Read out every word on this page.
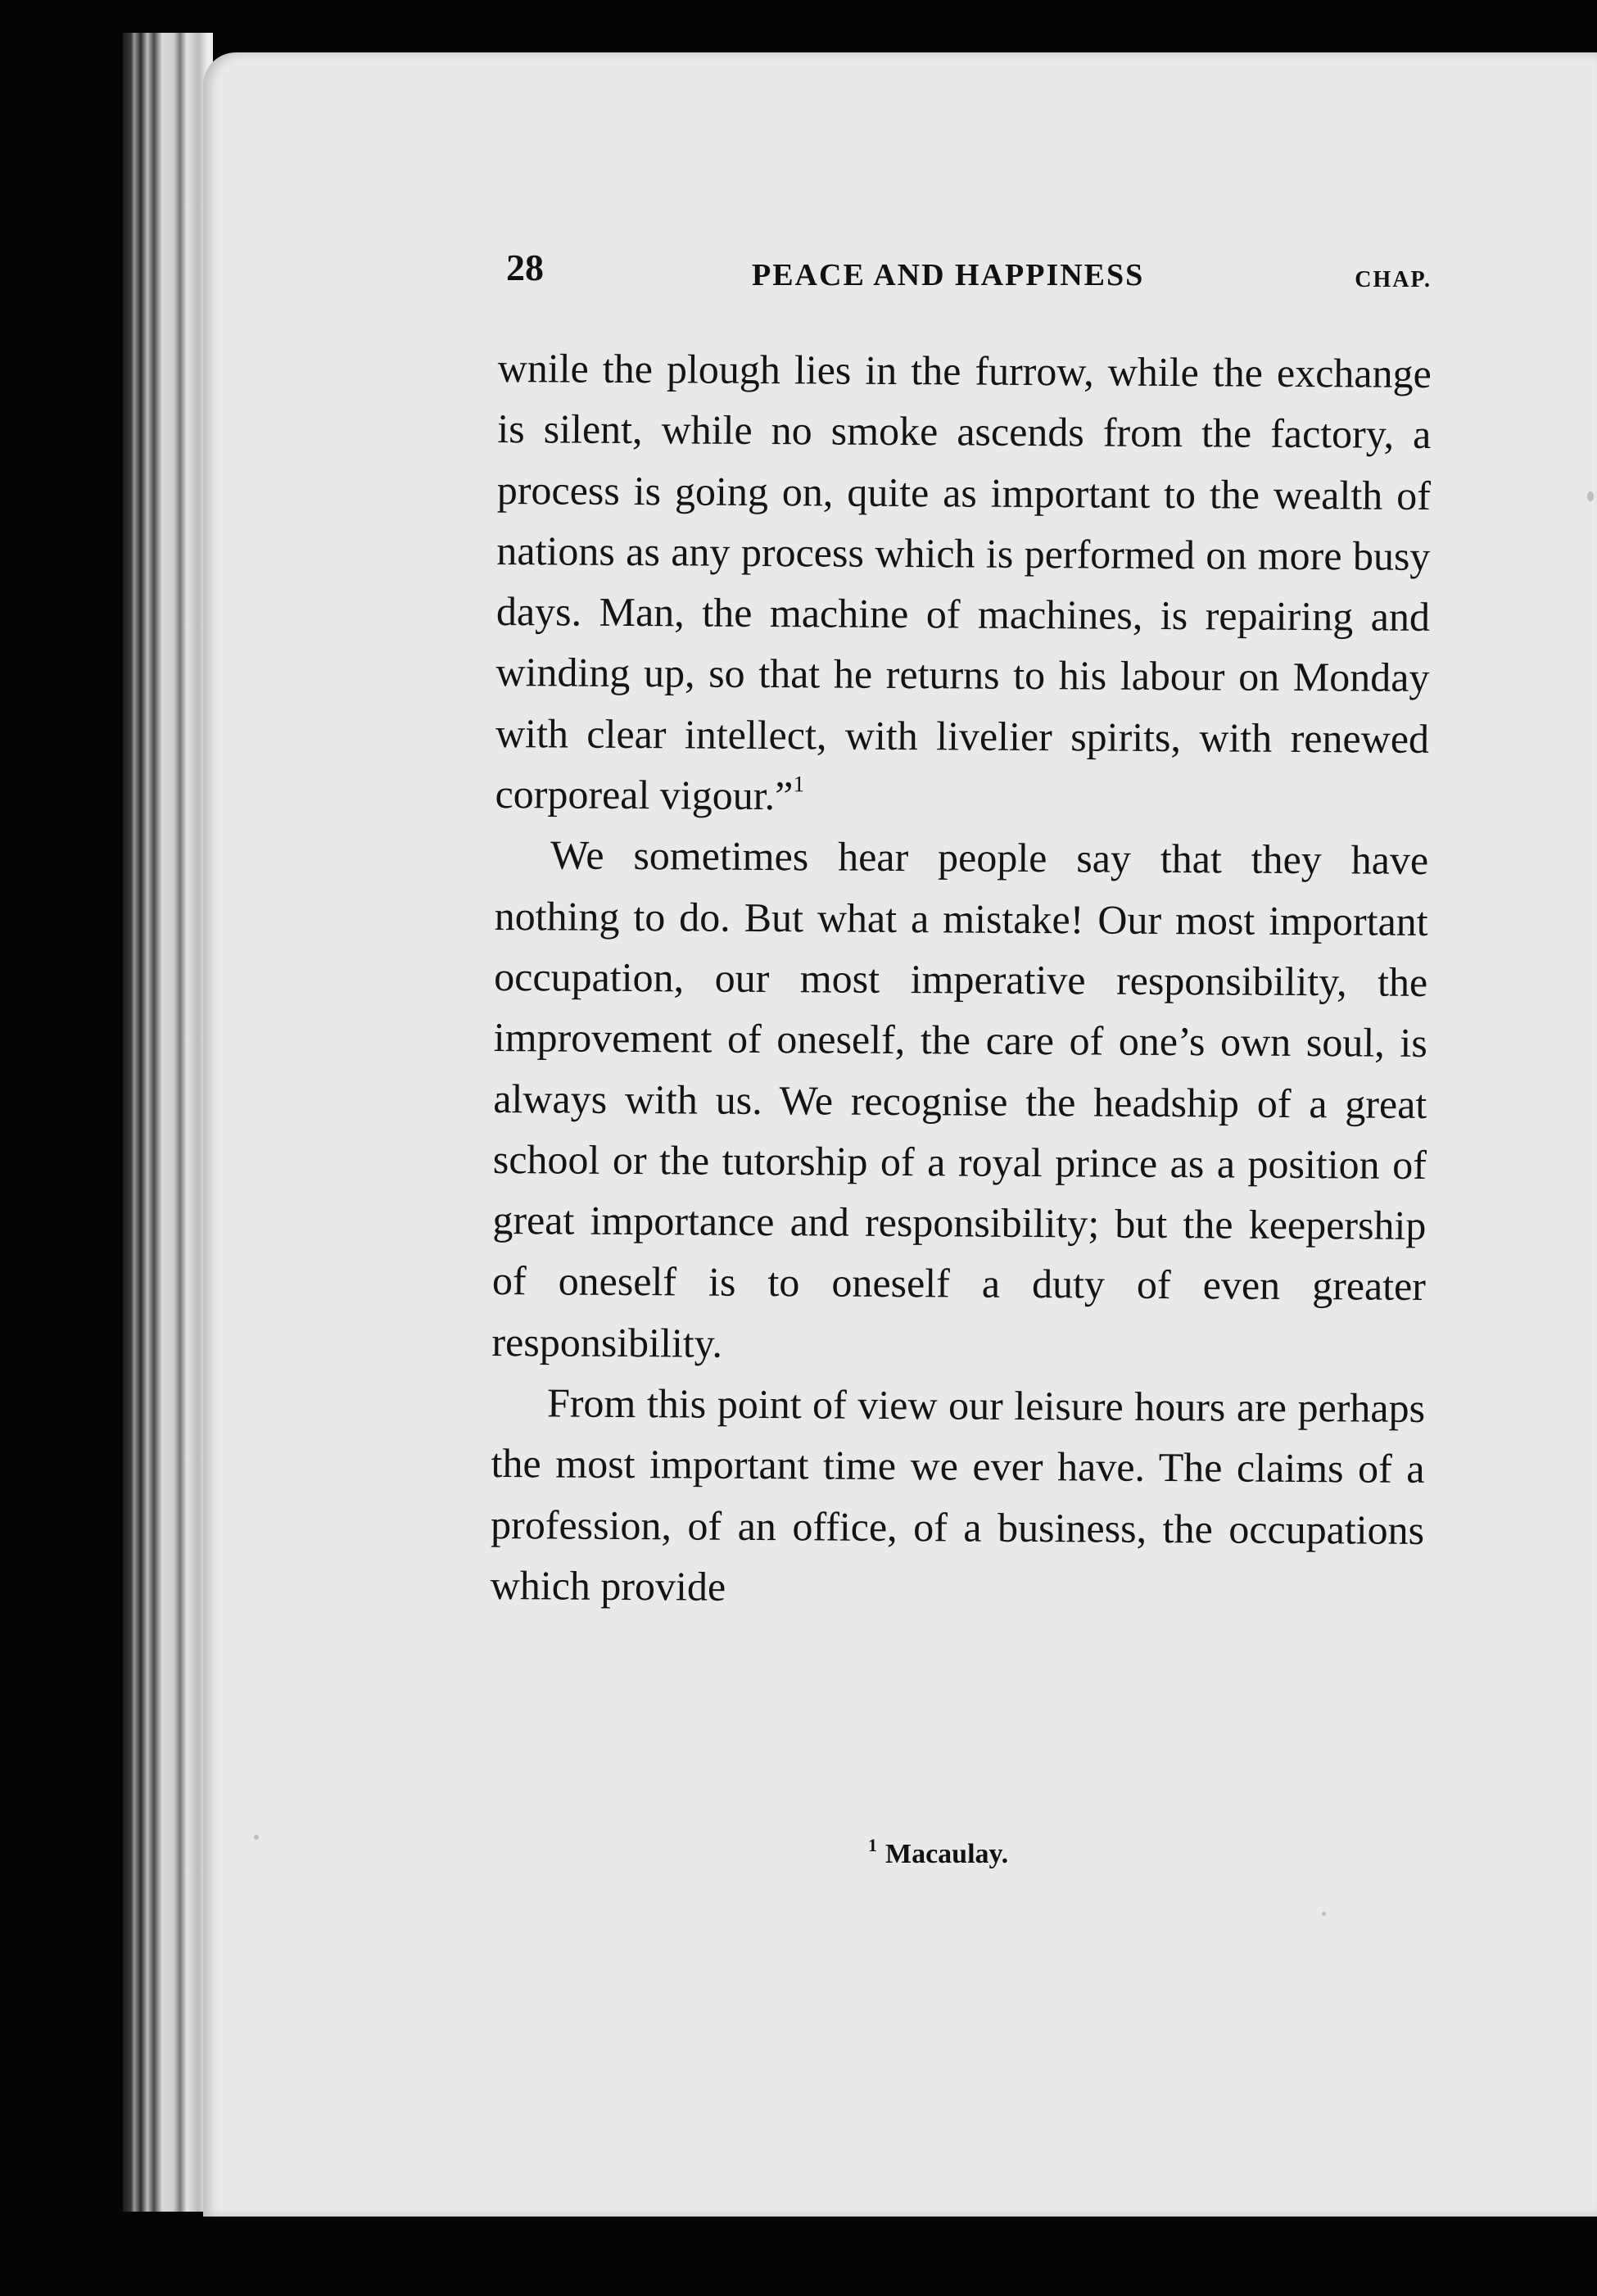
28	PEACE AND HAPPINESS	CHAP.

wnile the plough lies in the furrow, while the exchange is silent, while no smoke ascends from the factory, a process is going on, quite as important to the wealth of nations as any process which is performed on more busy days. Man, the machine of machines, is repairing and winding up, so that he returns to his labour on Monday with clear intellect, with livelier spirits, with renewed corporeal vigour.”$^1$

We sometimes hear people say that they have nothing to do. But what a mistake! Our most important occupation, our most imperative responsibility, the improvement of oneself, the care of one’s own soul, is always with us. We recognise the headship of a great school or the tutorship of a royal prince as a position of great importance and responsibility; but the keepership of oneself is to oneself a duty of even greater responsibility.

From this point of view our leisure hours are perhaps the most important time we ever have. The claims of a profession, of an office, of a business, the occupations which provide

$^1$ Macaulay.
